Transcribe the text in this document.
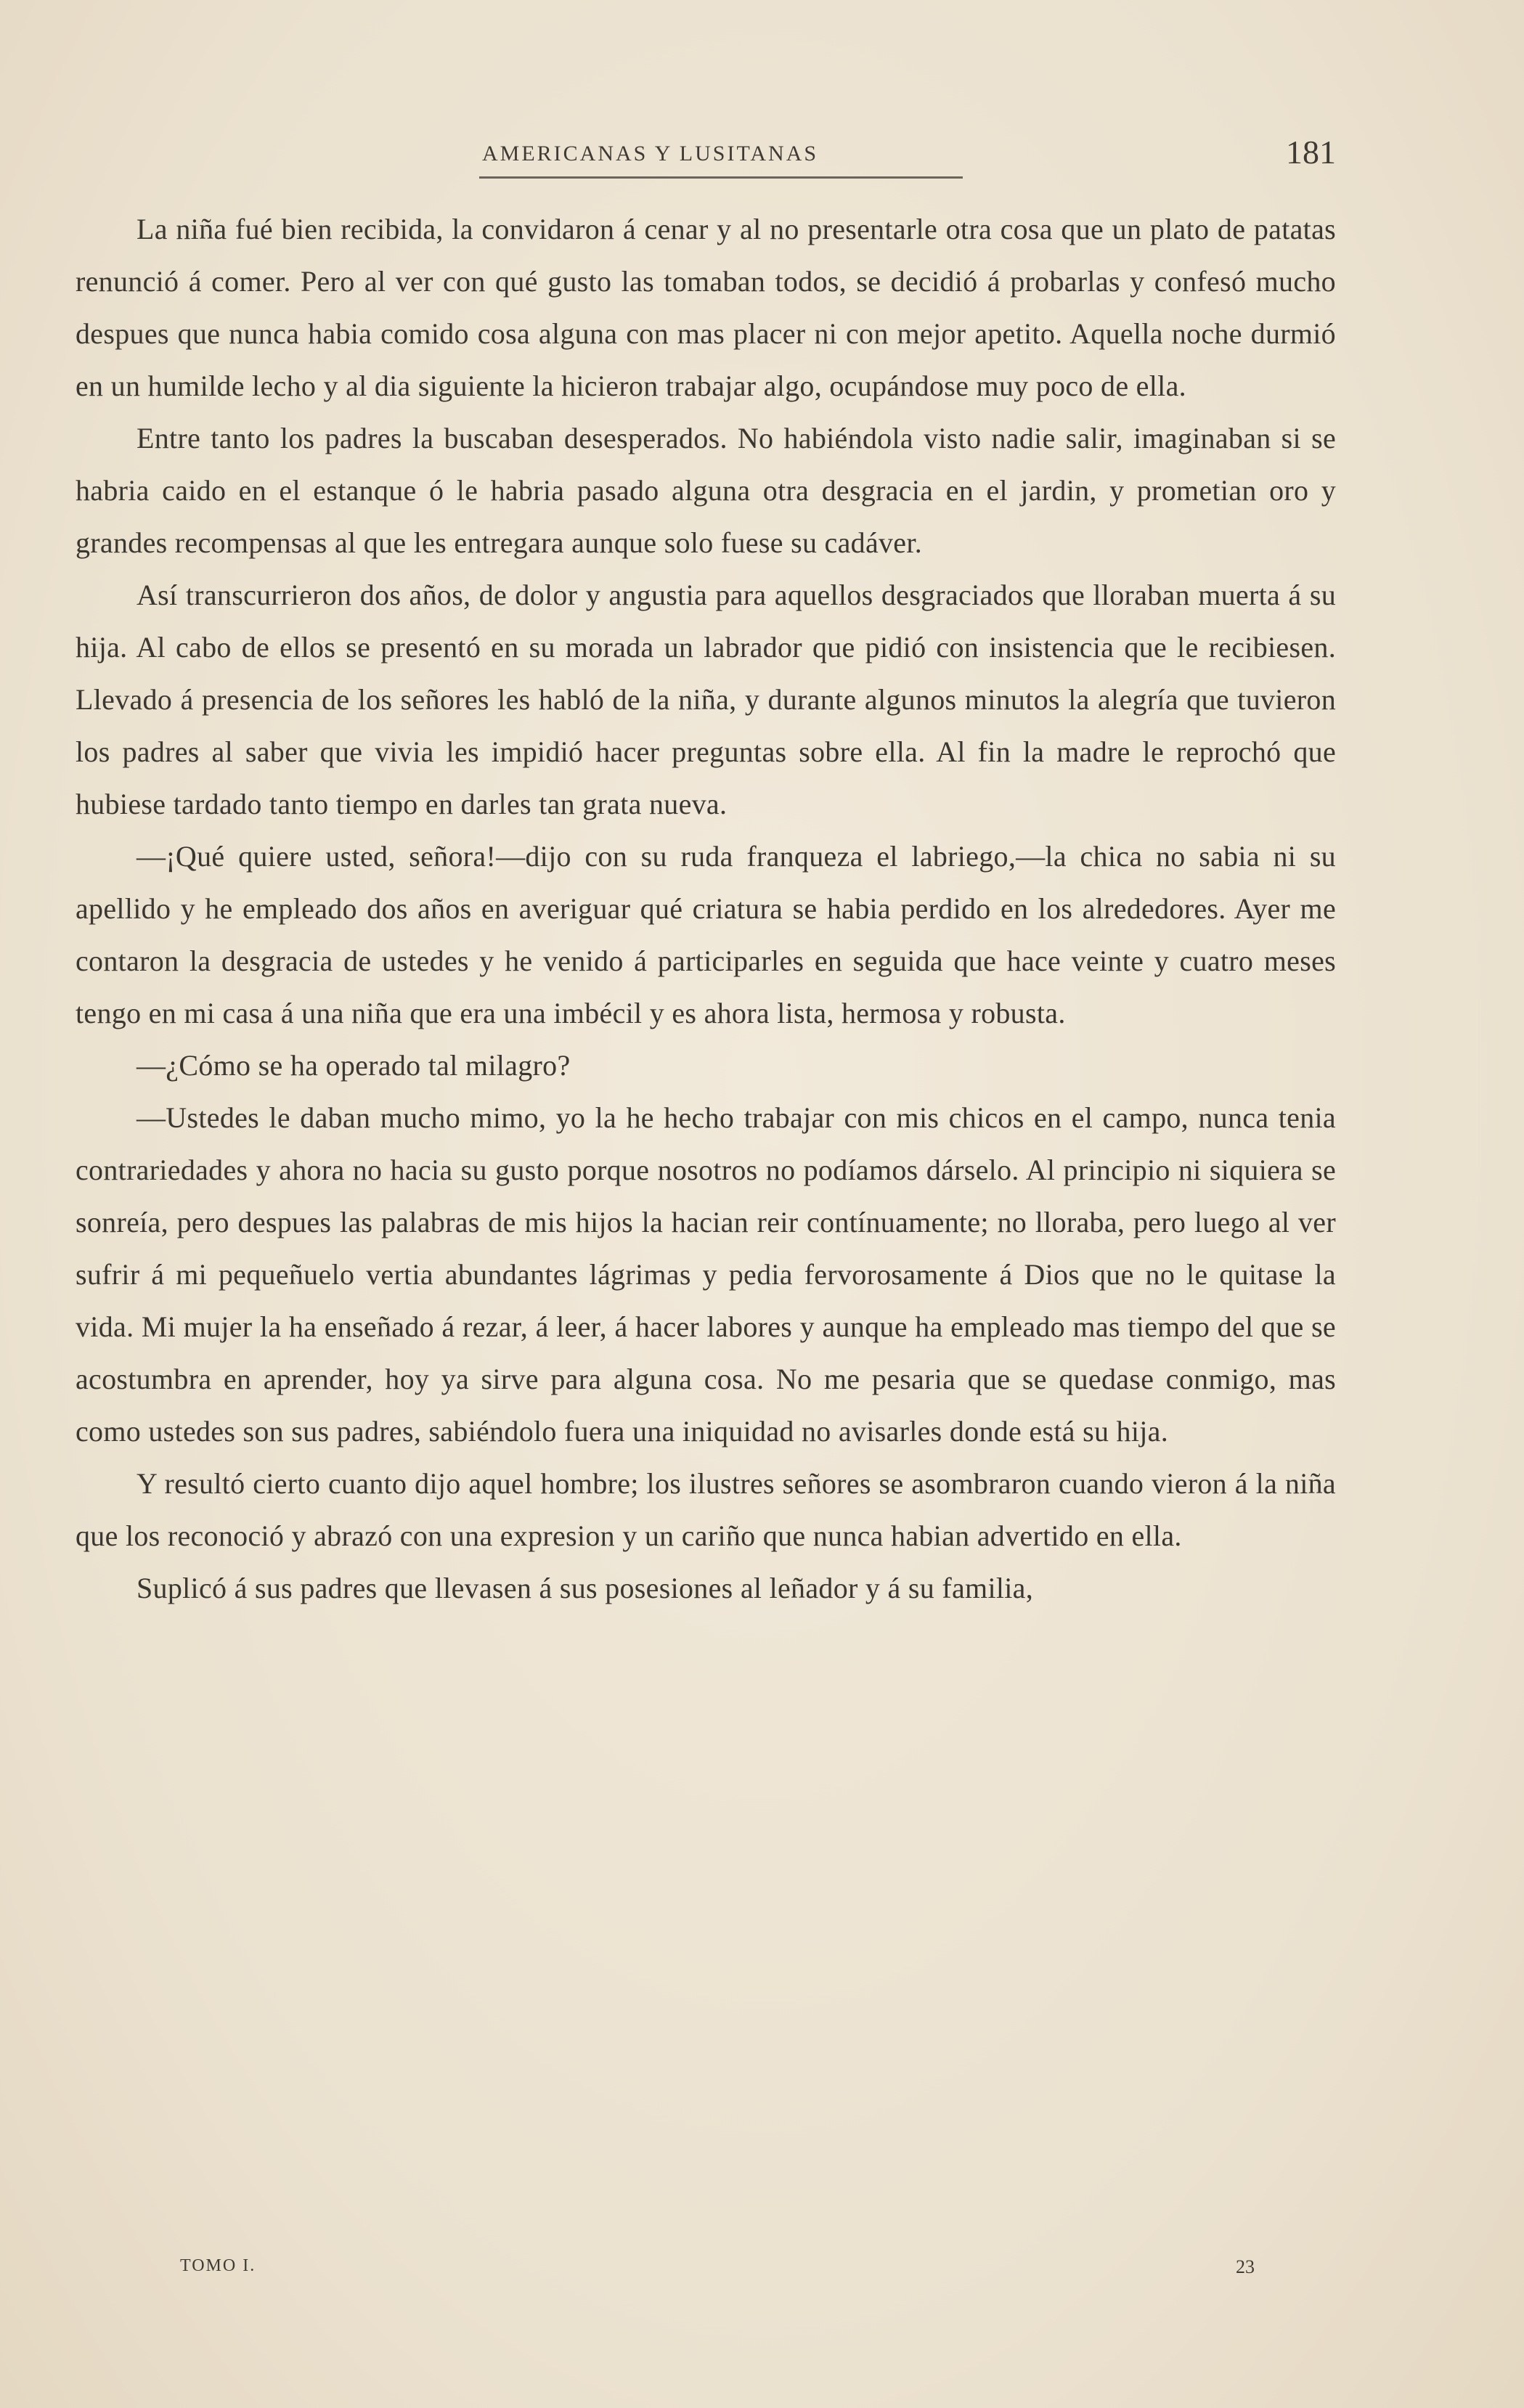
AMERICANAS Y LUSITANAS	181

La niña fué bien recibida, la convidaron á cenar y al no presentarle otra cosa que un plato de patatas renunció á comer. Pero al ver con qué gusto las tomaban todos, se decidió á probarlas y confesó mucho despues que nunca habia comido cosa alguna con mas placer ni con mejor apetito. Aquella noche durmió en un humilde lecho y al dia siguiente la hicieron trabajar algo, ocupándose muy poco de ella.

Entre tanto los padres la buscaban desesperados. No habiéndola visto nadie salir, imaginaban si se habria caido en el estanque ó le habria pasado alguna otra desgracia en el jardin, y prometian oro y grandes recompensas al que les entregara aunque solo fuese su cadáver.

Así transcurrieron dos años, de dolor y angustia para aquellos desgraciados que lloraban muerta á su hija. Al cabo de ellos se presentó en su morada un labrador que pidió con insistencia que le recibiesen. Llevado á presencia de los señores les habló de la niña, y durante algunos minutos la alegría que tuvieron los padres al saber que vivia les impidió hacer preguntas sobre ella. Al fin la madre le reprochó que hubiese tardado tanto tiempo en darles tan grata nueva.

—¡Qué quiere usted, señora!—dijo con su ruda franqueza el labriego,—la chica no sabia ni su apellido y he empleado dos años en averiguar qué criatura se habia perdido en los alrededores. Ayer me contaron la desgracia de ustedes y he venido á participarles en seguida que hace veinte y cuatro meses tengo en mi casa á una niña que era una imbécil y es ahora lista, hermosa y robusta.

—¿Cómo se ha operado tal milagro?

—Ustedes le daban mucho mimo, yo la he hecho trabajar con mis chicos en el campo, nunca tenia contrariedades y ahora no hacia su gusto porque nosotros no podíamos dárselo. Al principio ni siquiera se sonreía, pero despues las palabras de mis hijos la hacian reir contínuamente; no lloraba, pero luego al ver sufrir á mi pequeñuelo vertia abundantes lágrimas y pedia fervorosamente á Dios que no le quitase la vida. Mi mujer la ha enseñado á rezar, á leer, á hacer labores y aunque ha empleado mas tiempo del que se acostumbra en aprender, hoy ya sirve para alguna cosa. No me pesaria que se quedase conmigo, mas como ustedes son sus padres, sabiéndolo fuera una iniquidad no avisarles donde está su hija.

Y resultó cierto cuanto dijo aquel hombre; los ilustres señores se asombraron cuando vieron á la niña que los reconoció y abrazó con una expresion y un cariño que nunca habian advertido en ella.

Suplicó á sus padres que llevasen á sus posesiones al leñador y á su familia,

TOMO I.	23
